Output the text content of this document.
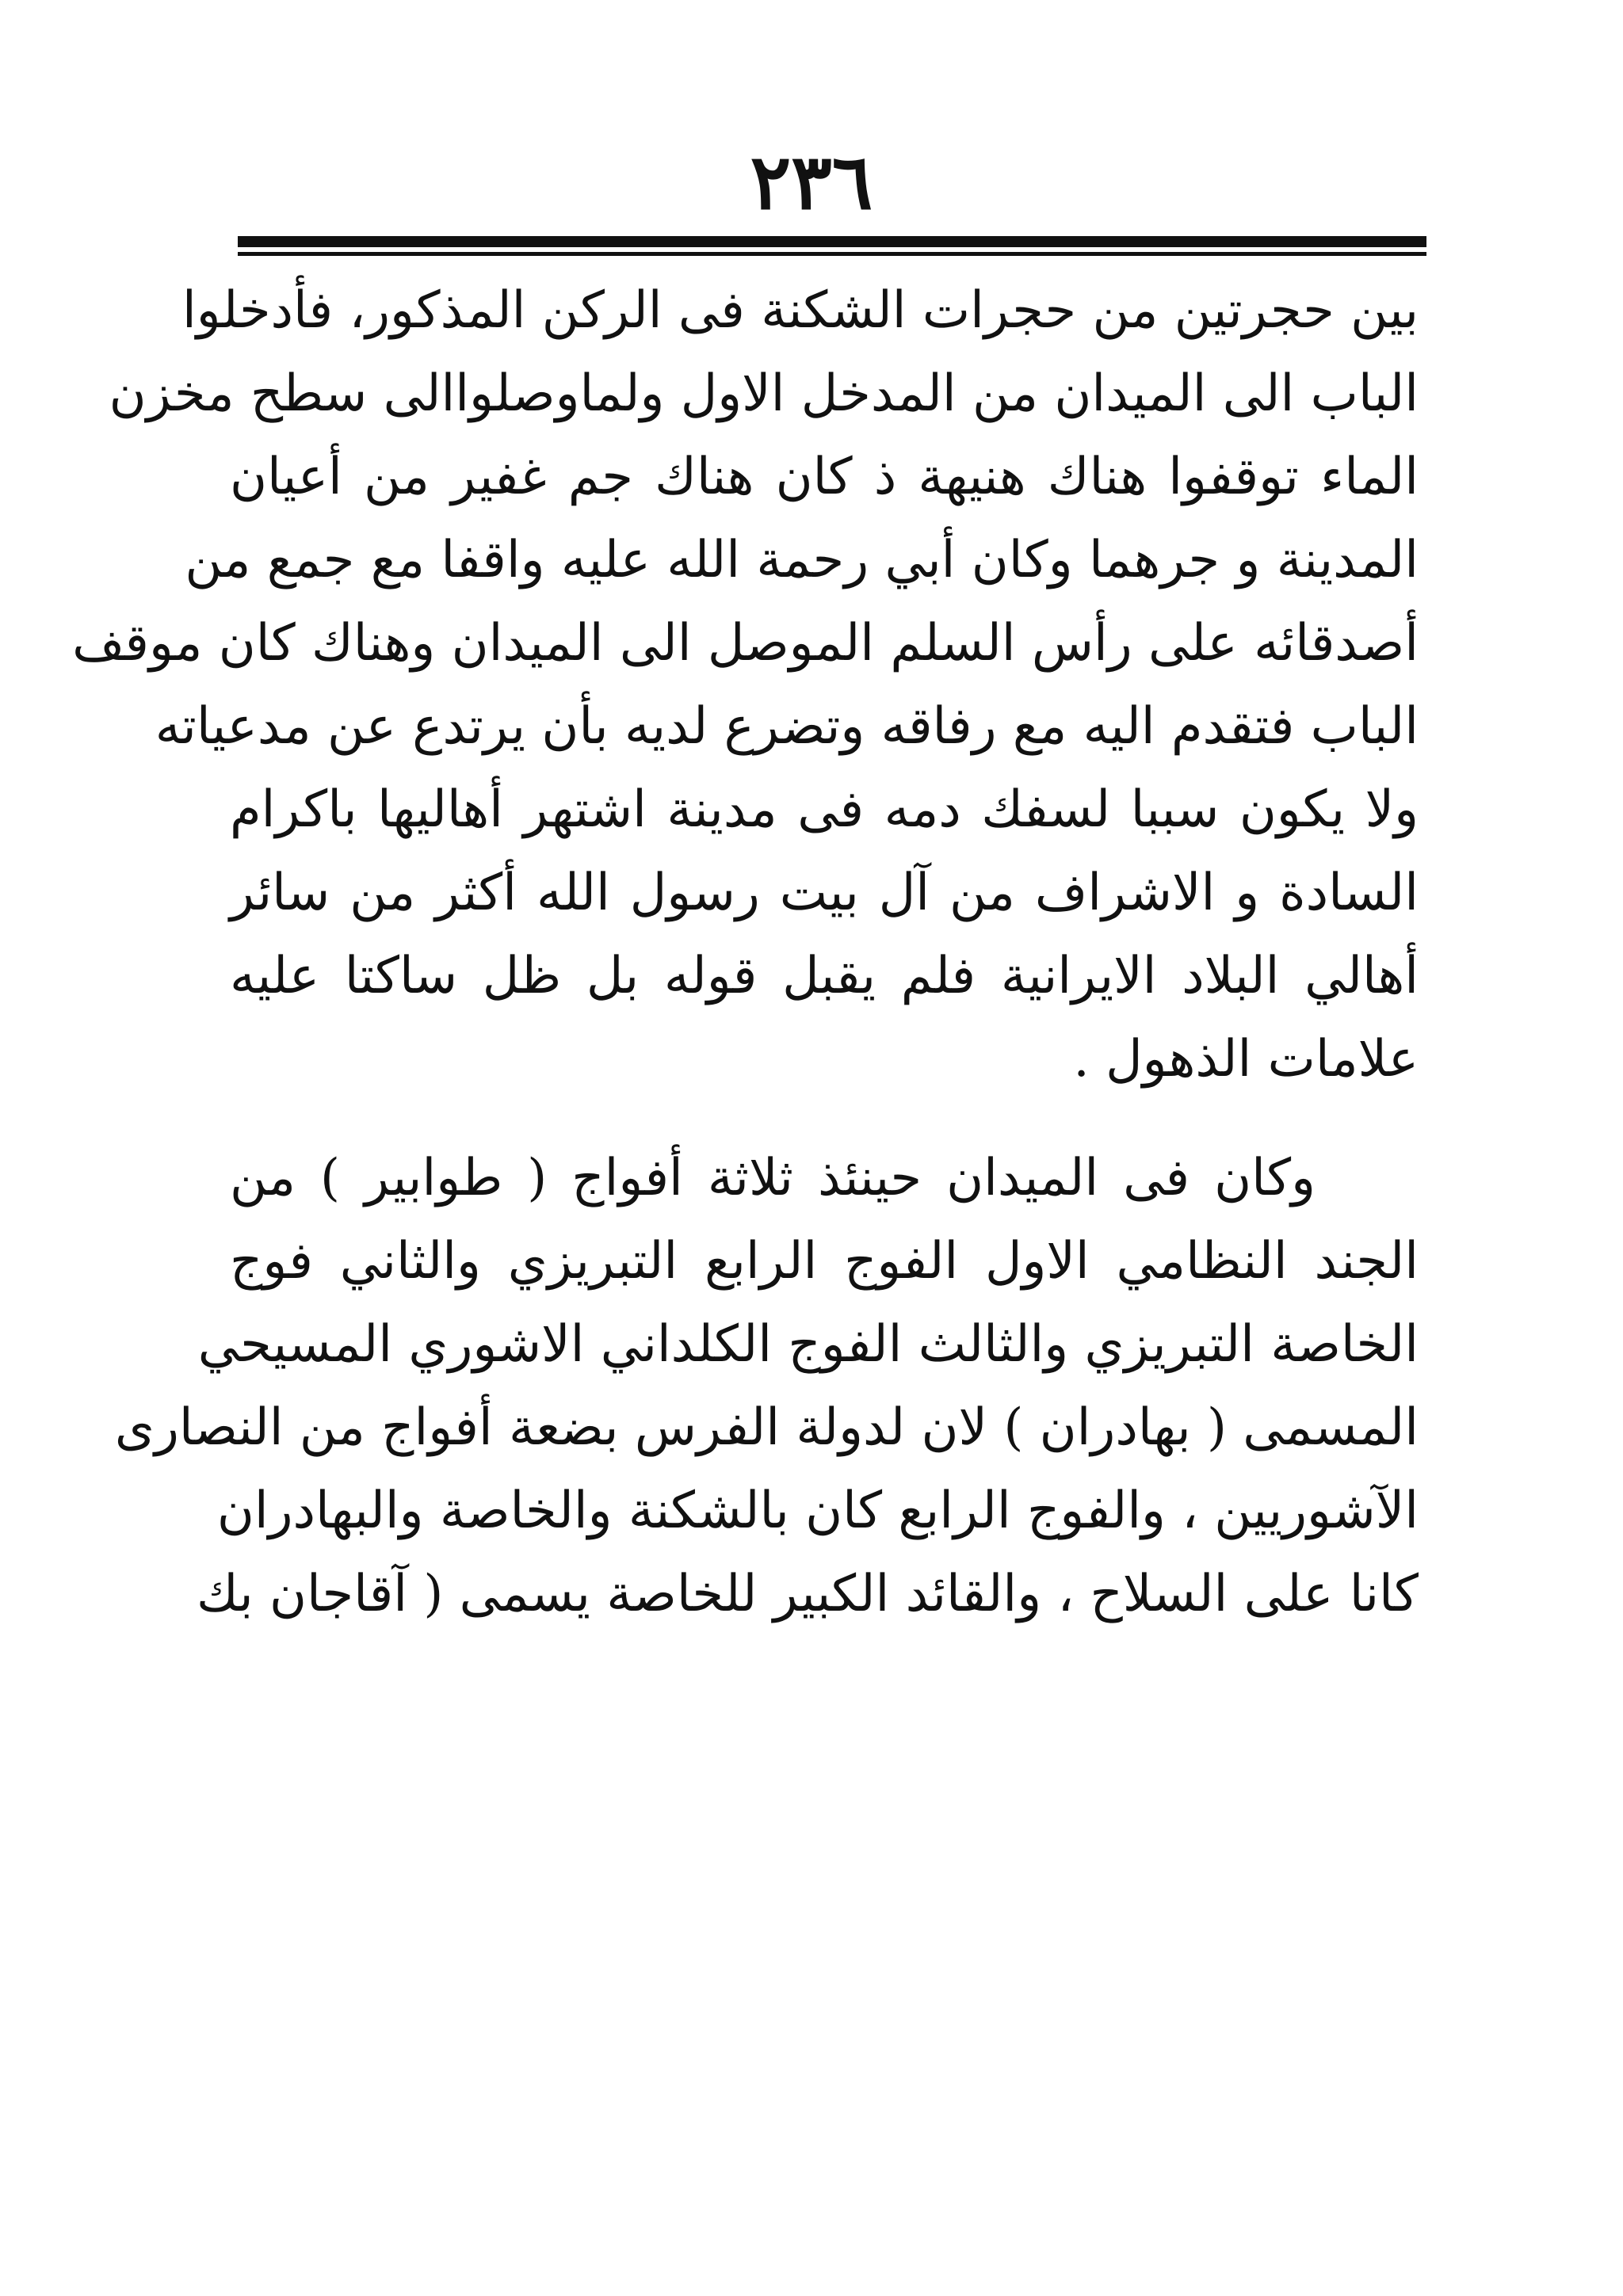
٢٣٦
بين حجرتين من حجرات الشكنة فى الركن المذكور، فأدخلوا
الباب الى الميدان من المدخل الاول ولماوصلواالى سطح مخزن
الماء توقفوا هناك هنيهة ذ كان هناك جم غفير من أعيان
المدينة و جرهما وكان أبي رحمة الله عليه واقفا مع جمع من
أصدقائه على رأس السلم الموصل الى الميدان وهناك كان موقف
الباب فتقدم اليه مع رفاقه وتضرع لديه بأن يرتدع عن مدعياته
ولا يكون سببا لسفك دمه فى مدينة اشتهر أهاليها باكرام
السادة و الاشراف من آل بيت رسول الله أكثر من سائر
أهالي البلاد الايرانية فلم يقبل قوله بل ظل ساكتا عليه
علامات الذهول .
وكان فى الميدان حينئذ ثلاثة أفواج ( طوابير ) من
الجند النظامي الاول الفوج الرابع التبريزي والثاني فوج
الخاصة التبريزي والثالث الفوج الكلداني الاشوري المسيحي
المسمى ( بهادران ) لان لدولة الفرس بضعة أفواج من النصارى
الآشوريين ، والفوج الرابع كان بالشكنة والخاصة والبهادران
كانا على السلاح ، والقائد الكبير للخاصة يسمى ( آقاجان بك
